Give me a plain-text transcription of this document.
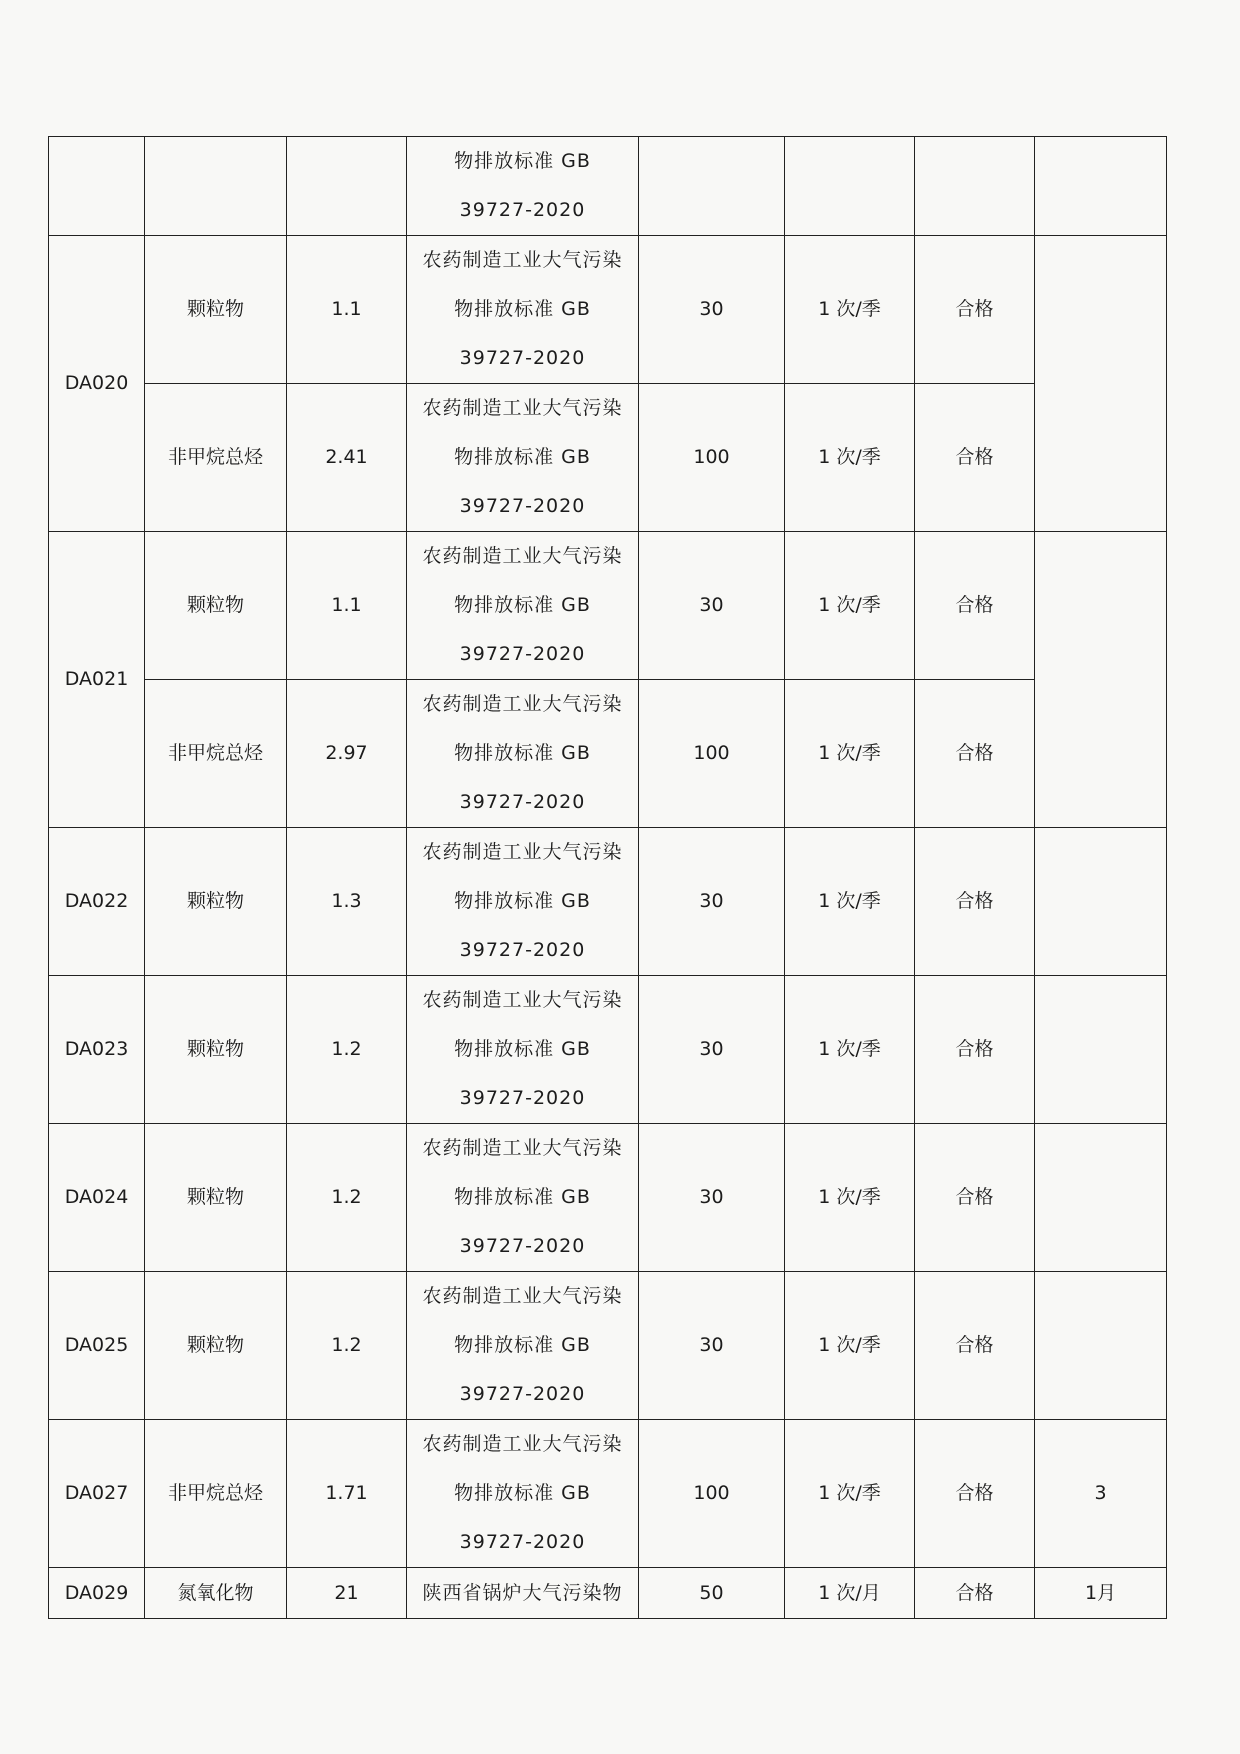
			物排放标准 GB
39727-2020				

DA020	颗粒物	1.1	农药制造工业大气污染
物排放标准 GB
39727-2020	30	1 次/季	合格	
	非甲烷总烃	2.41	农药制造工业大气污染
物排放标准 GB
39727-2020	100	1 次/季	合格	
DA021	颗粒物	1.1	农药制造工业大气污染
物排放标准 GB
39727-2020	30	1 次/季	合格	
	非甲烷总烃	2.97	农药制造工业大气污染
物排放标准 GB
39727-2020	100	1 次/季	合格	
DA022	颗粒物	1.3	农药制造工业大气污染
物排放标准 GB
39727-2020	30	1 次/季	合格	
DA023	颗粒物	1.2	农药制造工业大气污染
物排放标准 GB
39727-2020	30	1 次/季	合格	
DA024	颗粒物	1.2	农药制造工业大气污染
物排放标准 GB
39727-2020	30	1 次/季	合格	
DA025	颗粒物	1.2	农药制造工业大气污染
物排放标准 GB
39727-2020	30	1 次/季	合格	
DA027	非甲烷总烃	1.71	农药制造工业大气污染
物排放标准 GB
39727-2020	100	1 次/季	合格	3
DA029	氮氧化物	21	陕西省锅炉大气污染物	50	1 次/月	合格	1月
